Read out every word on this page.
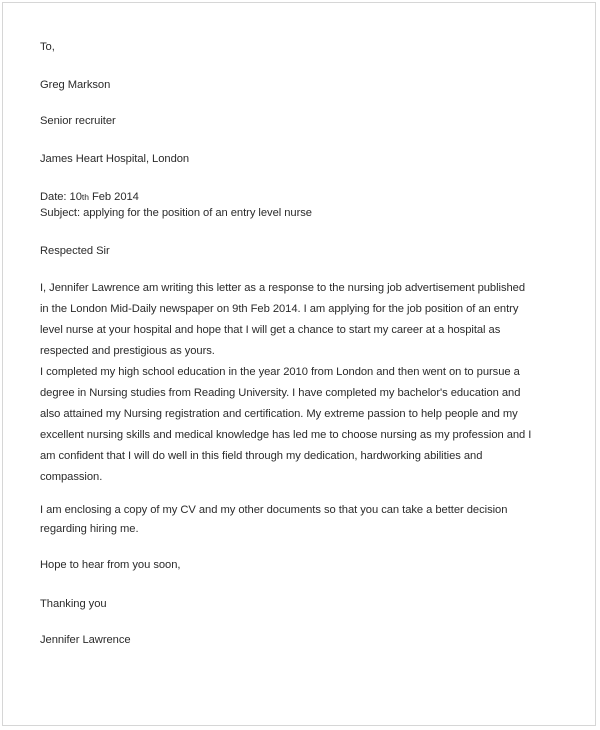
To,
Greg Markson
Senior recruiter
James Heart Hospital, London
Date: 10th Feb 2014
Subject: applying for the position of an entry level nurse
Respected Sir
I, Jennifer Lawrence am writing this letter as a response to the nursing job advertisement published
in the London Mid-Daily newspaper on 9th Feb 2014. I am applying for the job position of an entry
level nurse at your hospital and hope that I will get a chance to start my career at a hospital as
respected and prestigious as yours.
I completed my high school education in the year 2010 from London and then went on to pursue a
degree in Nursing studies from Reading University. I have completed my bachelor's education and
also attained my Nursing registration and certification. My extreme passion to help people and my
excellent nursing skills and medical knowledge has led me to choose nursing as my profession and I
am confident that I will do well in this field through my dedication, hardworking abilities and
compassion.
I am enclosing a copy of my CV and my other documents so that you can take a better decision
regarding hiring me.
Hope to hear from you soon,
Thanking you
Jennifer Lawrence
